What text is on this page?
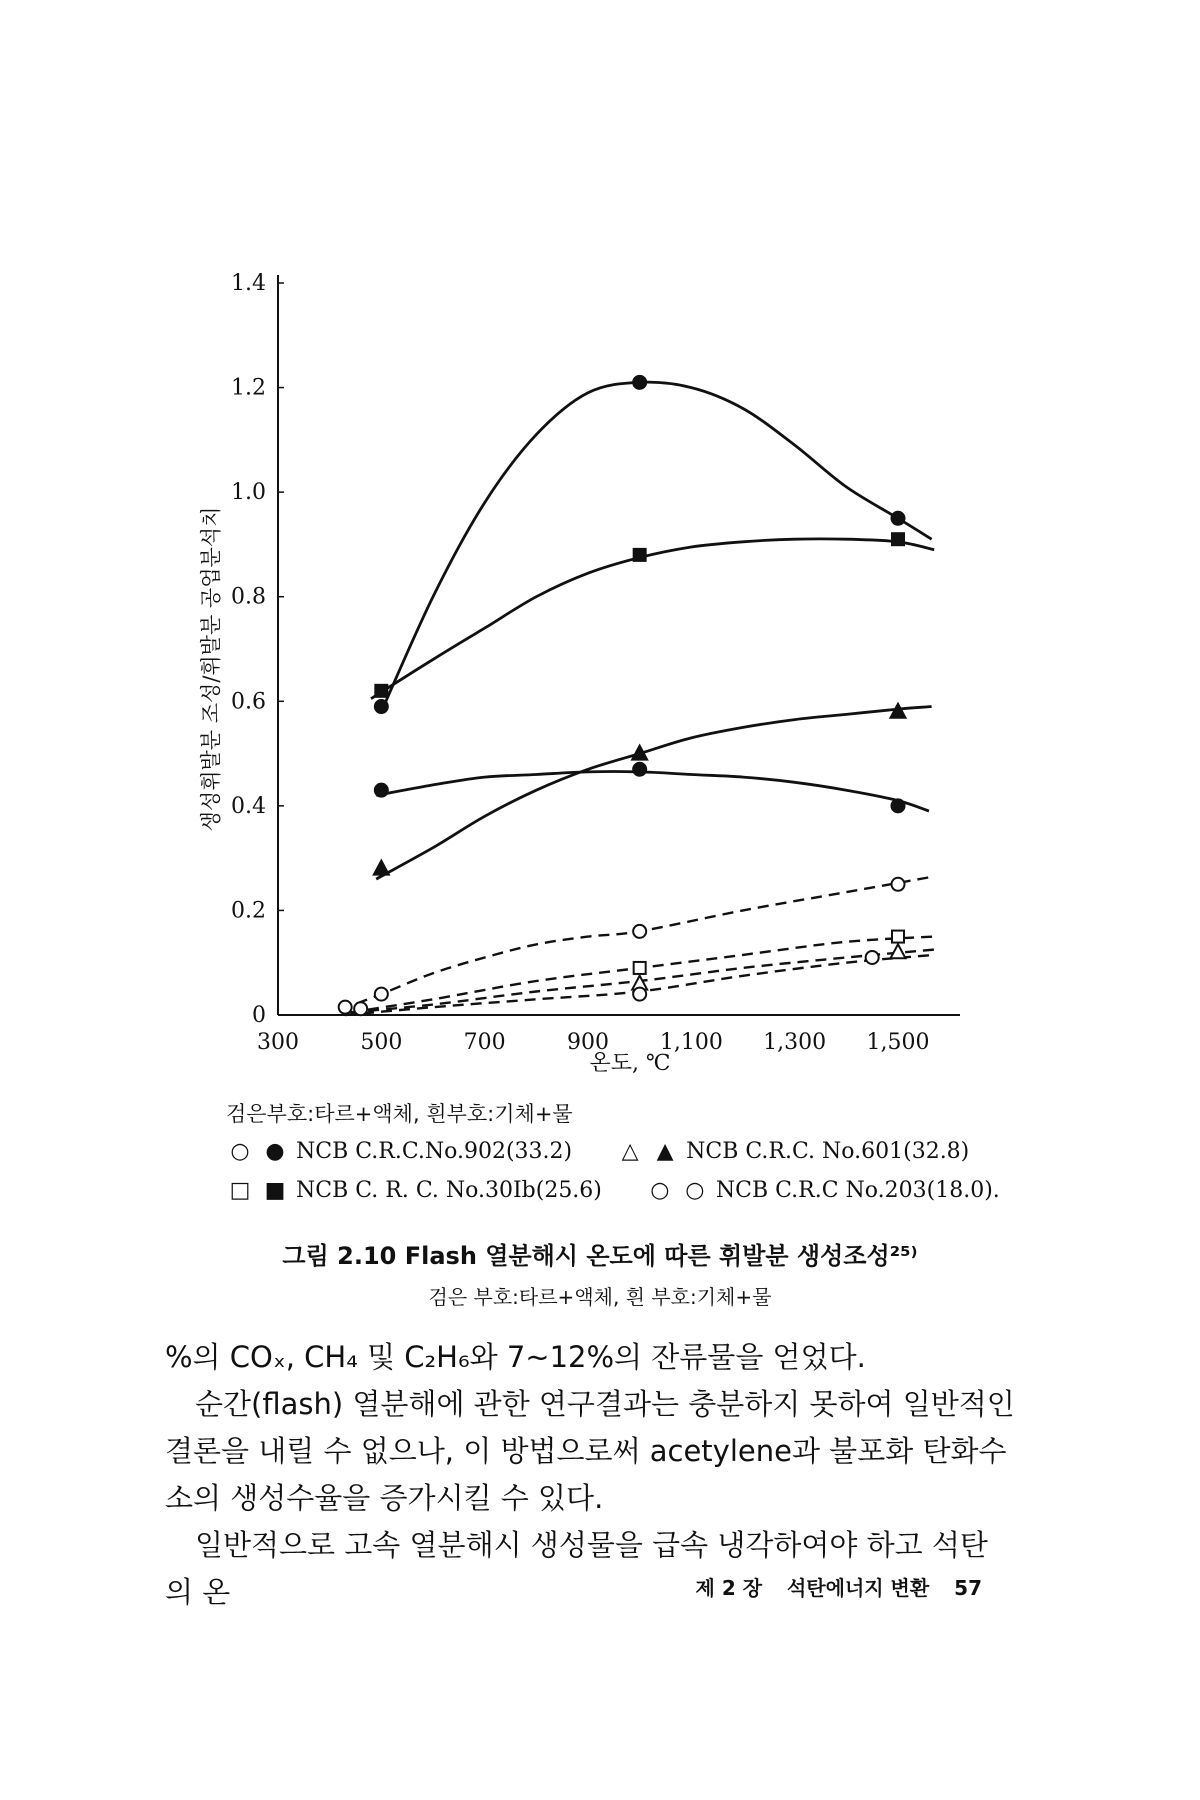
0
0.2
0.4
0.6
0.8
1.0
1.2
1.4
300	500	700	900 1,100 1,300 1,500
생성휘발분 조성/휘발분 공업분석치
온도, ℃
검은부호:타르+액체, 흰부호:기체+물
○ ● NCB C.R.C.No.902(33.2) △ ▲ NCB C.R.C. No.601(32.8)
□ ■ NCB C. R. C. No.30Ib(25.6) ○ ○ NCB C.R.C No.203(18.0).
그림 2.10 Flash 열분해시 온도에 따른 휘발분 생성조성²⁵⁾
검은 부호:타르+액체, 흰 부호:기체+물

%의 COₓ, CH₄ 및 C₂H₆와 7∼12%의 잔류물을 얻었다.

순간(flash) 열분해에 관한 연구결과는 충분하지 못하여 일반적인 결론을 내릴 수 없으나, 이 방법으로써 acetylene과 불포화 탄화수소의 생성수율을 증가시킬 수 있다.

일반적으로 고속 열분해시 생성물을 급속 냉각하여야 하고 석탄의 온	제 2 장 석탄에너지 변환 57
